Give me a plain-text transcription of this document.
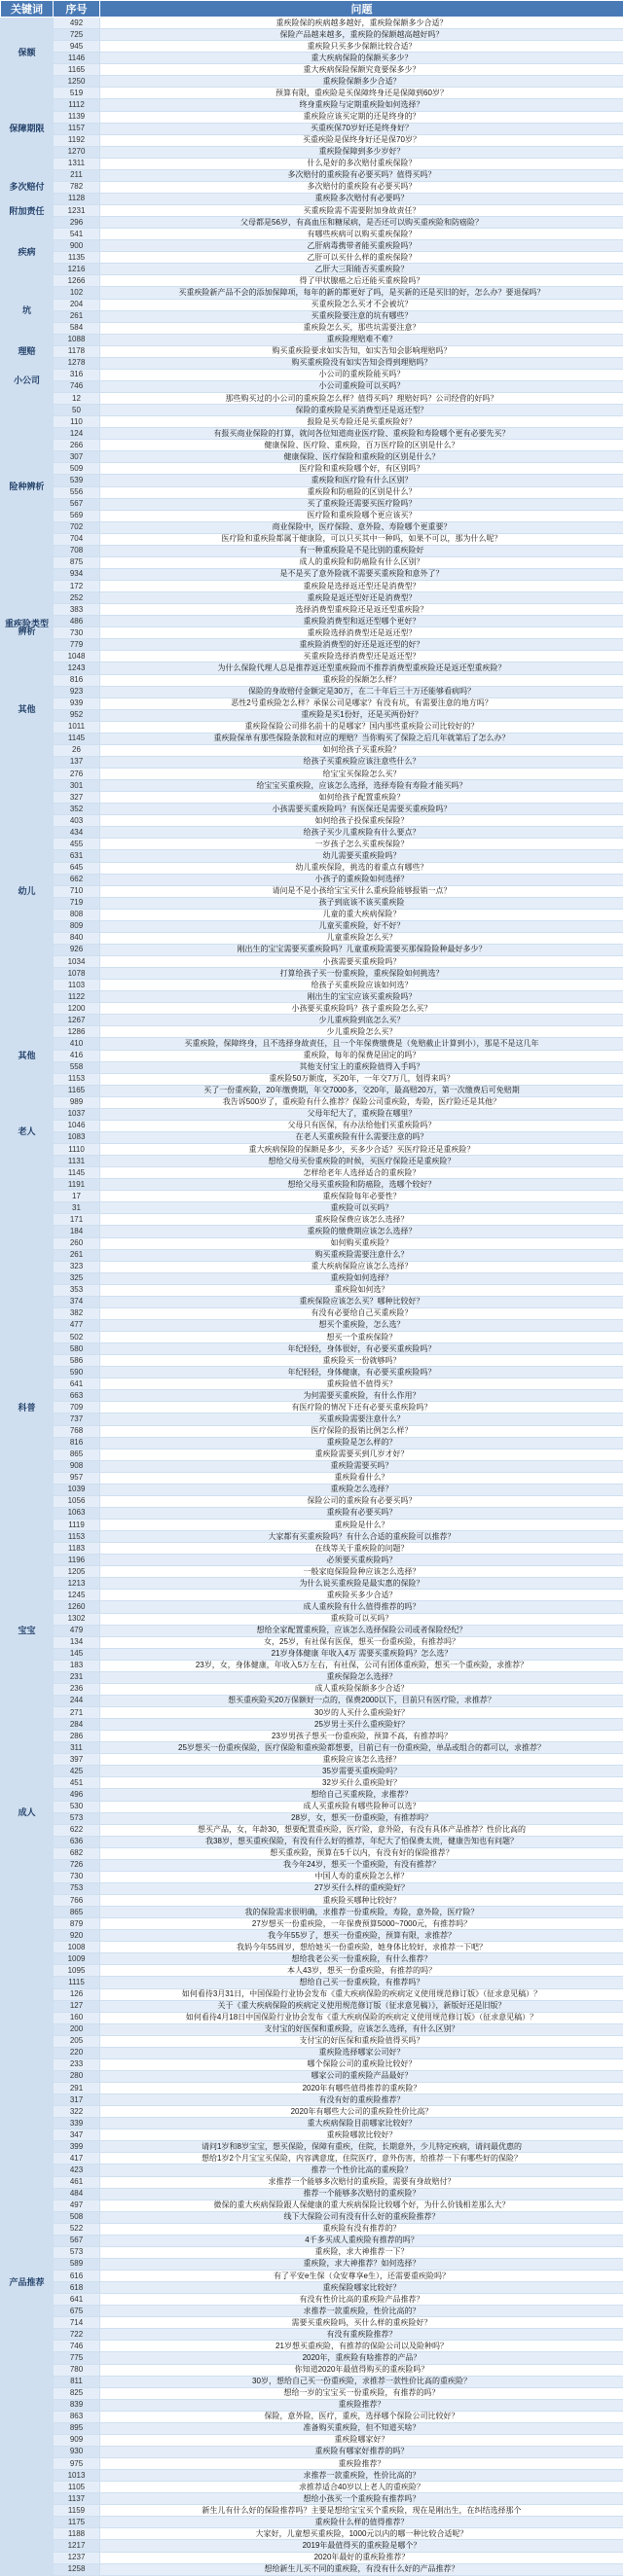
关键词	序号	问题
保额	492	重疾险保的疾病越多越好，重疾险保额多少合适？
	725	保险产品越来越多，重疾险的保额越高越好吗？
	945	重疾险只买多少保额比较合适？
	1146	重大疾病保险的保额买多少？
	1165	重大疾病保险保额究竟要保多少？
	1250	重疾险保额多少合适？
保障期限	519	预算有限，重疾险是买保障终身还是保障到60岁？
	1112	终身重疾险与定期重疾险如何选择？
	1139	重疾险应该买定期的还是终身的？
	1157	买重疾保70岁好还是终身好？
	1192	买重疾险是保终身好还是保70岁？
	1270	重疾险保障到多少岁好？
	1311	什么是好的多次赔付重疾保险？
多次赔付	211	多次赔付的重疾险有必要买吗？值得买吗？
	782	多次赔付的重疾险有必要买吗？
	1128	重疾险多次赔付有必要吗？
附加责任	1231	买重疾险需不需要附加身故责任？
疾病	296	父母都是56岁，有高血压和糖尿病，是否还可以购买重疾险和防癌险？
	541	有哪些疾病可以购买重疾保险？
	900	乙肝病毒携带者能买重疾险吗？
	1135	乙肝可以买什么样的重疾保险？
	1216	乙肝大三阳能否买重疾险？
	1266	得了甲状腺癌之后还能买重疾险吗？
坑	102	买重疾险新产品不会的添加保障项，每年的新的都更好了吗，是买新的还是买旧的好，怎么办？要退保吗？
	204	买重疾险怎么买才不会被坑？
	261	买重疾险要注意的坑有哪些？
	584	重疾险怎么买，那些坑需要注意？
理赔	1088	重疾险理赔难不难？
	1178	购买重疾险要求如实告知，如实告知会影响理赔吗？
	1278	购买重疾险没有如实告知会得到理赔吗？
小公司	316	小公司的重疾险能买吗？
	746	小公司重疾险可以买吗？
险种辨析	12	那些购买过的小公司的重疾险怎么样？值得买吗？理赔好吗？公司经营的好吗？
	50	保险的重疾险是买消费型还是返还型？
	110	报险是买寿险还是买重疾险好？
	124	有报买商业保险的打算，就问各位知道商业医疗险、重疾险和寿险哪个更有必要先买？
	266	健康保险、医疗险、重疾险，百万医疗险的区别是什么？
	307	健康保险、医疗保险和重疾险的区别是什么？
	509	医疗险和重疾险哪个好，有区别吗？
	539	重疾险和医疗险有什么区别？
	556	重疾险和防癌险的区别是什么？
	567	买了重疾险还需要买医疗险吗？
	569	医疗险和重疾险哪个更应该买？
	702	商业保险中，医疗保险、意外险、寿险哪个更重要？
	704	医疗险和重疾险都属于健康险，可以只买其中一种吗，如果不可以，那为什么呢？
	708	有一种重疾险是不是比别的重疾险好
	875	成人的重疾险和防癌险有什么区别？
	934	是不是买了意外险就不需要买重疾险和意外了？
重疾险类型辨析	172	重疾险是选择返还型还是消费型？
	252	重疾险是返还型好还是消费型？
	383	选择消费型重疾险还是返还型重疾险？
	486	重疾险消费型和返还型哪个更好？
	730	重疾险选择消费型还是返还型？
	779	重疾险消费型的好还是返还型的好？
	1048	买重疾险选择消费型还是返还型？
	1243	为什么保险代理人总是推荐返还型重疾险而不推荐消费型重疾险还是返还型重疾险？
其他	816	重疾险的保额怎么样？
	923	保险的身故赔付金额定是30万，在二十年后三十万还能够看病吗？
	939	恶性2号重疾险怎么样？承保公司是哪家？有没有坑，有需要注意的地方吗？
	952	重疾险是买1份好，还是买两份好？
	1011	重疾险保险公司排名前十的是哪家？国内那些重疾险公司比较好的？
	1145	重疾险保单有那些保险条款和对应的理赔？当你购买了保险之后几年就第后了怎么办？
幼儿	26	如何给孩子买重疾险？
	137	给孩子买重疾险应该注意些什么？
	276	给宝宝买保险怎么买？
	301	给宝宝买重疾险，应该怎么选择，选择寿险有寿险才能买吗？
	327	如何给孩子配置重疾险？
	352	小孩需要买重疾险吗？有医保还是需要买重疾险吗？
	403	如何给孩子投保重疾保险？
	434	给孩子买少儿重疾险有什么要点？
	455	一岁孩子怎么买重疾保险？
	631	幼儿需要买重疾险吗？
	645	幼儿重疾保险，挑选的着重点有哪些？
	662	小孩子的重疾险如何选择？
	710	请问是不是小孩给宝宝买什么重疾险能够报销一点？
	719	孩子到底该不该买重疾险
	808	儿童的重大疾病保险？
	809	儿童买重疾险，好不好？
	840	儿童重疾险怎么买？
	926	刚出生的宝宝需要买重疾险吗？儿童重疾险需要买那保险险种最好多少？
	1034	小孩需要买重疾险吗？
	1078	打算给孩子买一份重疾险，重疾保险如何挑选？
	1103	给孩子买重疾险应该如何选？
	1122	刚出生的宝宝应该买重疾险吗？
	1200	小孩要买重疾险吗？孩子重疾险怎么买？
	1267	少儿重疾险到底怎么买？
	1286	少儿重疾险怎么买？
其他	410	买重疾险，保障终身，且不选择身故责任，且一个年保费缴费是（免赔截止计算到小），那是不是这几年
	416	重疾险，每年的保费是固定的吗？
	558	其他支付宝上的重疾险值得入手吗？
老人	1153	重疾险50万额度，买20年，一年交7万几，划得来吗？
	1165	买了一份重疾险，20年缴费期，年交7000多，交20年，最高赔20万，第一次缴费后可免赔期
	989	我告诉500岁了，重疾险有什么推荐？保险公司重疾险，寿险，医疗险还是其他？
	1037	父母年纪大了，重疾险在哪里？
	1046	父母只有医保，有办法给他们买重疾险吗？
	1083	在老人买重疾险有什么需要注意的吗？
	1110	重大疾病保险的保额是多少，买多少合适？买医疗险还是重疾险？
	1131	想给父母买份重疾险的时候，买医疗保险还是重疾险？
	1145	怎样给老年人选择适合的重疾险？
	1191	想给父母买重疾险和防癌险，选哪个较好？
科普	17	重疾保险每年必要性？
	31	重疾险可以买吗？
	171	重疾险保费应该怎么选择？
	184	重疾险的缴费期应该怎么选择？
	260	如何购买重疾险？
	261	购买重疾险需要注意什么？
	323	重大疾病保险应该怎么选择？
	325	重疾险如何选择？
	353	重疾险如何选？
	374	重疾保险应该怎么买？哪种比较好？
	382	有没有必要给自己买重疾险？
	477	想买个重疾险，怎么选？
	502	想买一个重疾保险？
	580	年纪轻轻，身体很好，有必要买重疾险吗？
	586	重疾险买一份就够吗？
	590	年纪轻轻，身体健康，有必要买重疾险吗？
	641	重疾险值不值得买？
	663	为何需要买重疾险，有什么作用？
	709	有医疗险的情况下还有必要买重疾险吗？
	737	买重疾险需要注意什么？
	768	医疗保险的报销比例怎么样？
	816	重疾险是怎么样的？
	865	重疾险需要买到几岁才好？
	908	重疾险需要买吗？
	957	重疾险看什么？
	1039	重疾险怎么选择？
	1056	保险公司的重疾险有必要买吗？
	1063	重疾险有必要买吗？
	1119	重疾险是什么？
	1153	大家都有买重疾险吗？有什么合适的重疾险可以推荐？
	1183	在线等关于重疾险的问题？
	1196	必须要买重疾险吗？
	1205	一般家庭保险险种应该怎么选择？
	1213	为什么说买重疾险是最实惠的保险？
	1245	重疾险买多少合适？
	1260	成人重疾险有什么值得推荐的吗？
	1302	重疾险可以买吗？
宝宝	479	想给全家配置重疾险，应该怎么选择保险公司或者保险经纪？
成人	134	女，25岁，有社保有医保，想买一份重疾险，有推荐吗？
	145	21岁身体健康 年收入4万 需要买重疾险吗？怎么选？
	183	23岁，女，身体健康，年收入5万左右，有社保，公司有团体重疾险，想买一个重疾险，求推荐？
	231	重疾保险怎么选择？
	236	成人重疾险保额多少合适？
	244	想买重疾险买20万保额好一点的，保费2000以下，目前只有医疗险，求推荐？
	271	30岁的人买什么重疾险好？
	284	25岁男士买什么重疾险好？
	286	23岁男孩子想买一份重疾险，预算不高，有推荐吗？
	311	25岁想买一份重疾保险，医疗保险和重疾险都想要，目前已有一份重疾险，单品或组合的都可以，求推荐？
	397	重疾险应该怎么选择？
	425	35岁需要买重疾险吗？
	451	32岁买什么重疾险好？
	496	想给自己买重疾险，求推荐？
	530	成人买重疾险有哪些险种可以选？
	573	28岁，女，想买一份重疾险，有推荐吗？
	622	想买产品，女，年龄30，想要配置重疾险，医疗险，意外险，有没有具体产品推荐？性价比高的
	636	我38岁，想买重疾保险，有没有什么好的推荐，年纪大了怕保费太贵，健康告知也有问题？
	682	想买重疾险，预算在5千以内，有没有好的保险推荐？
	726	我今年24岁，想买一个重疾险，有没有推荐？
	730	中国人寿的重疾险怎么样？
	753	27岁买什么样的重疾险好？
	766	重疾险买哪种比较好？
	865	我的保险需求很明确，求推荐一份重疾险，寿险，意外险，医疗险？
	879	27岁想买一份重疾险，一年保费预算5000~7000元，有推荐吗？
	920	我今年55岁了，想买一份重疾险，预算有限，求推荐？
	1008	我妈今年55周岁，想给她买一份重疾险，她身体比较好，求推荐一下吧？
	1009	想给我老公买一份重疾险，有什么推荐？
	1095	本人43岁，想买一份重疾险，有推荐的吗？
	1115	想给自己买一份重疾险，有推荐吗？
产品推荐	126	如何看待3月31日，中国保险行业协会发布《重大疾病保险的疾病定义使用规范修订版》（征求意见稿）？
	127	关于《重大疾病保险的疾病定义使用规范修订版（征求意见稿）》，新版好还是旧版？
	160	如何看待4月18日中国保险行业协会发布《重大疾病保险的疾病定义使用规范修订版》（征求意见稿）？
	200	支付宝的好医保和重疾险，应该怎么选择，有什么区别？
	205	支付宝的好医保和重疾险值得买吗？
	220	重疾险选择哪家公司好？
	233	哪个保险公司的重疾险比较好？
	280	哪家公司的重疾险产品最好？
	291	2020年有哪些值得推荐的重疾险？
	317	有没有好的重疾险推荐？
	322	2020年有哪些大公司的重疾险性价比高？
	339	重大疾病保险目前哪家比较好？
	347	重疾险哪款比较好？
	399	请问1岁和8岁宝宝，想买保险，保障有重疾，住院，长期意外，少儿特定疾病，请问最优惠的
	417	想给1岁2个月宝宝买保险，内容满意度，住院医疗，意外伤害，给推荐一下有哪些好的保险？
	423	推荐一个性价比高的重疾险？
	461	求推荐一个能够多次赔付的重疾险，需要有身故赔付？
	484	推荐一个能够多次赔付的重疾险？
	497	微保的重大疾病保险跟人保健康的重大疾病保险比较哪个好，为什么价钱相差那么大？
	508	线下大保险公司有没有什么好的重疾险推荐？
	522	重疾险有没有推荐的？
	567	4千多买成人重疾险有推荐的吗？
	573	重疾险，求大神推荐一下？
	589	重疾险，求大神推荐？如何选择？
	616	有了平安e生保（众安尊享e生），还需要重疾险吗？
	618	重疾保险哪家比较好？
	641	有没有性价比高的重疾险产品推荐？
	675	求推荐一款重疾险，性价比高的？
	714	需要买重疾险吗，买什么样的重疾险好？
	722	有没有重疾险推荐？
	746	21岁想买重疾险，有推荐的保险公司以及险种吗？
	775	2020年，重疾险有啥推荐的产品？
	780	你知道2020年最值得购买的重疾险吗？
	811	30岁，想给自己买一份重疾险，求推荐一款性价比高的重疾险？
	825	想给一岁的宝宝买一份重疾险，有推荐的吗？
	839	重疾险推荐？
	863	保险，意外险，医疗，重疾，选择哪个保险公司比较好？
	895	准备购买重疾险，但不知道买啥？
	909	重疾险哪家好？
	930	重疾险有哪家好推荐的吗？
	975	重疾险推荐？
	1013	求推荐一款重疾险，性价比高的？
	1105	求推荐适合40岁以上老人的重疾险？
	1137	想给小孩买一个重疾险有推荐吗？
	1159	新生儿有什么好的保险推荐吗？主要是想给宝宝买个重疾险，现在是刚出生，在纠结选择那个
	1175	重疾险什么样的值得推荐？
	1188	大家好，儿童想买重疾险，1000元以内的哪一种比较合适呢？
	1217	2019年最值得买的重疾险是哪个？
	1237	2020年最好的重疾险推荐？
	1258	想给新生儿买不同的重疾险，有没有什么好的产品推荐？
